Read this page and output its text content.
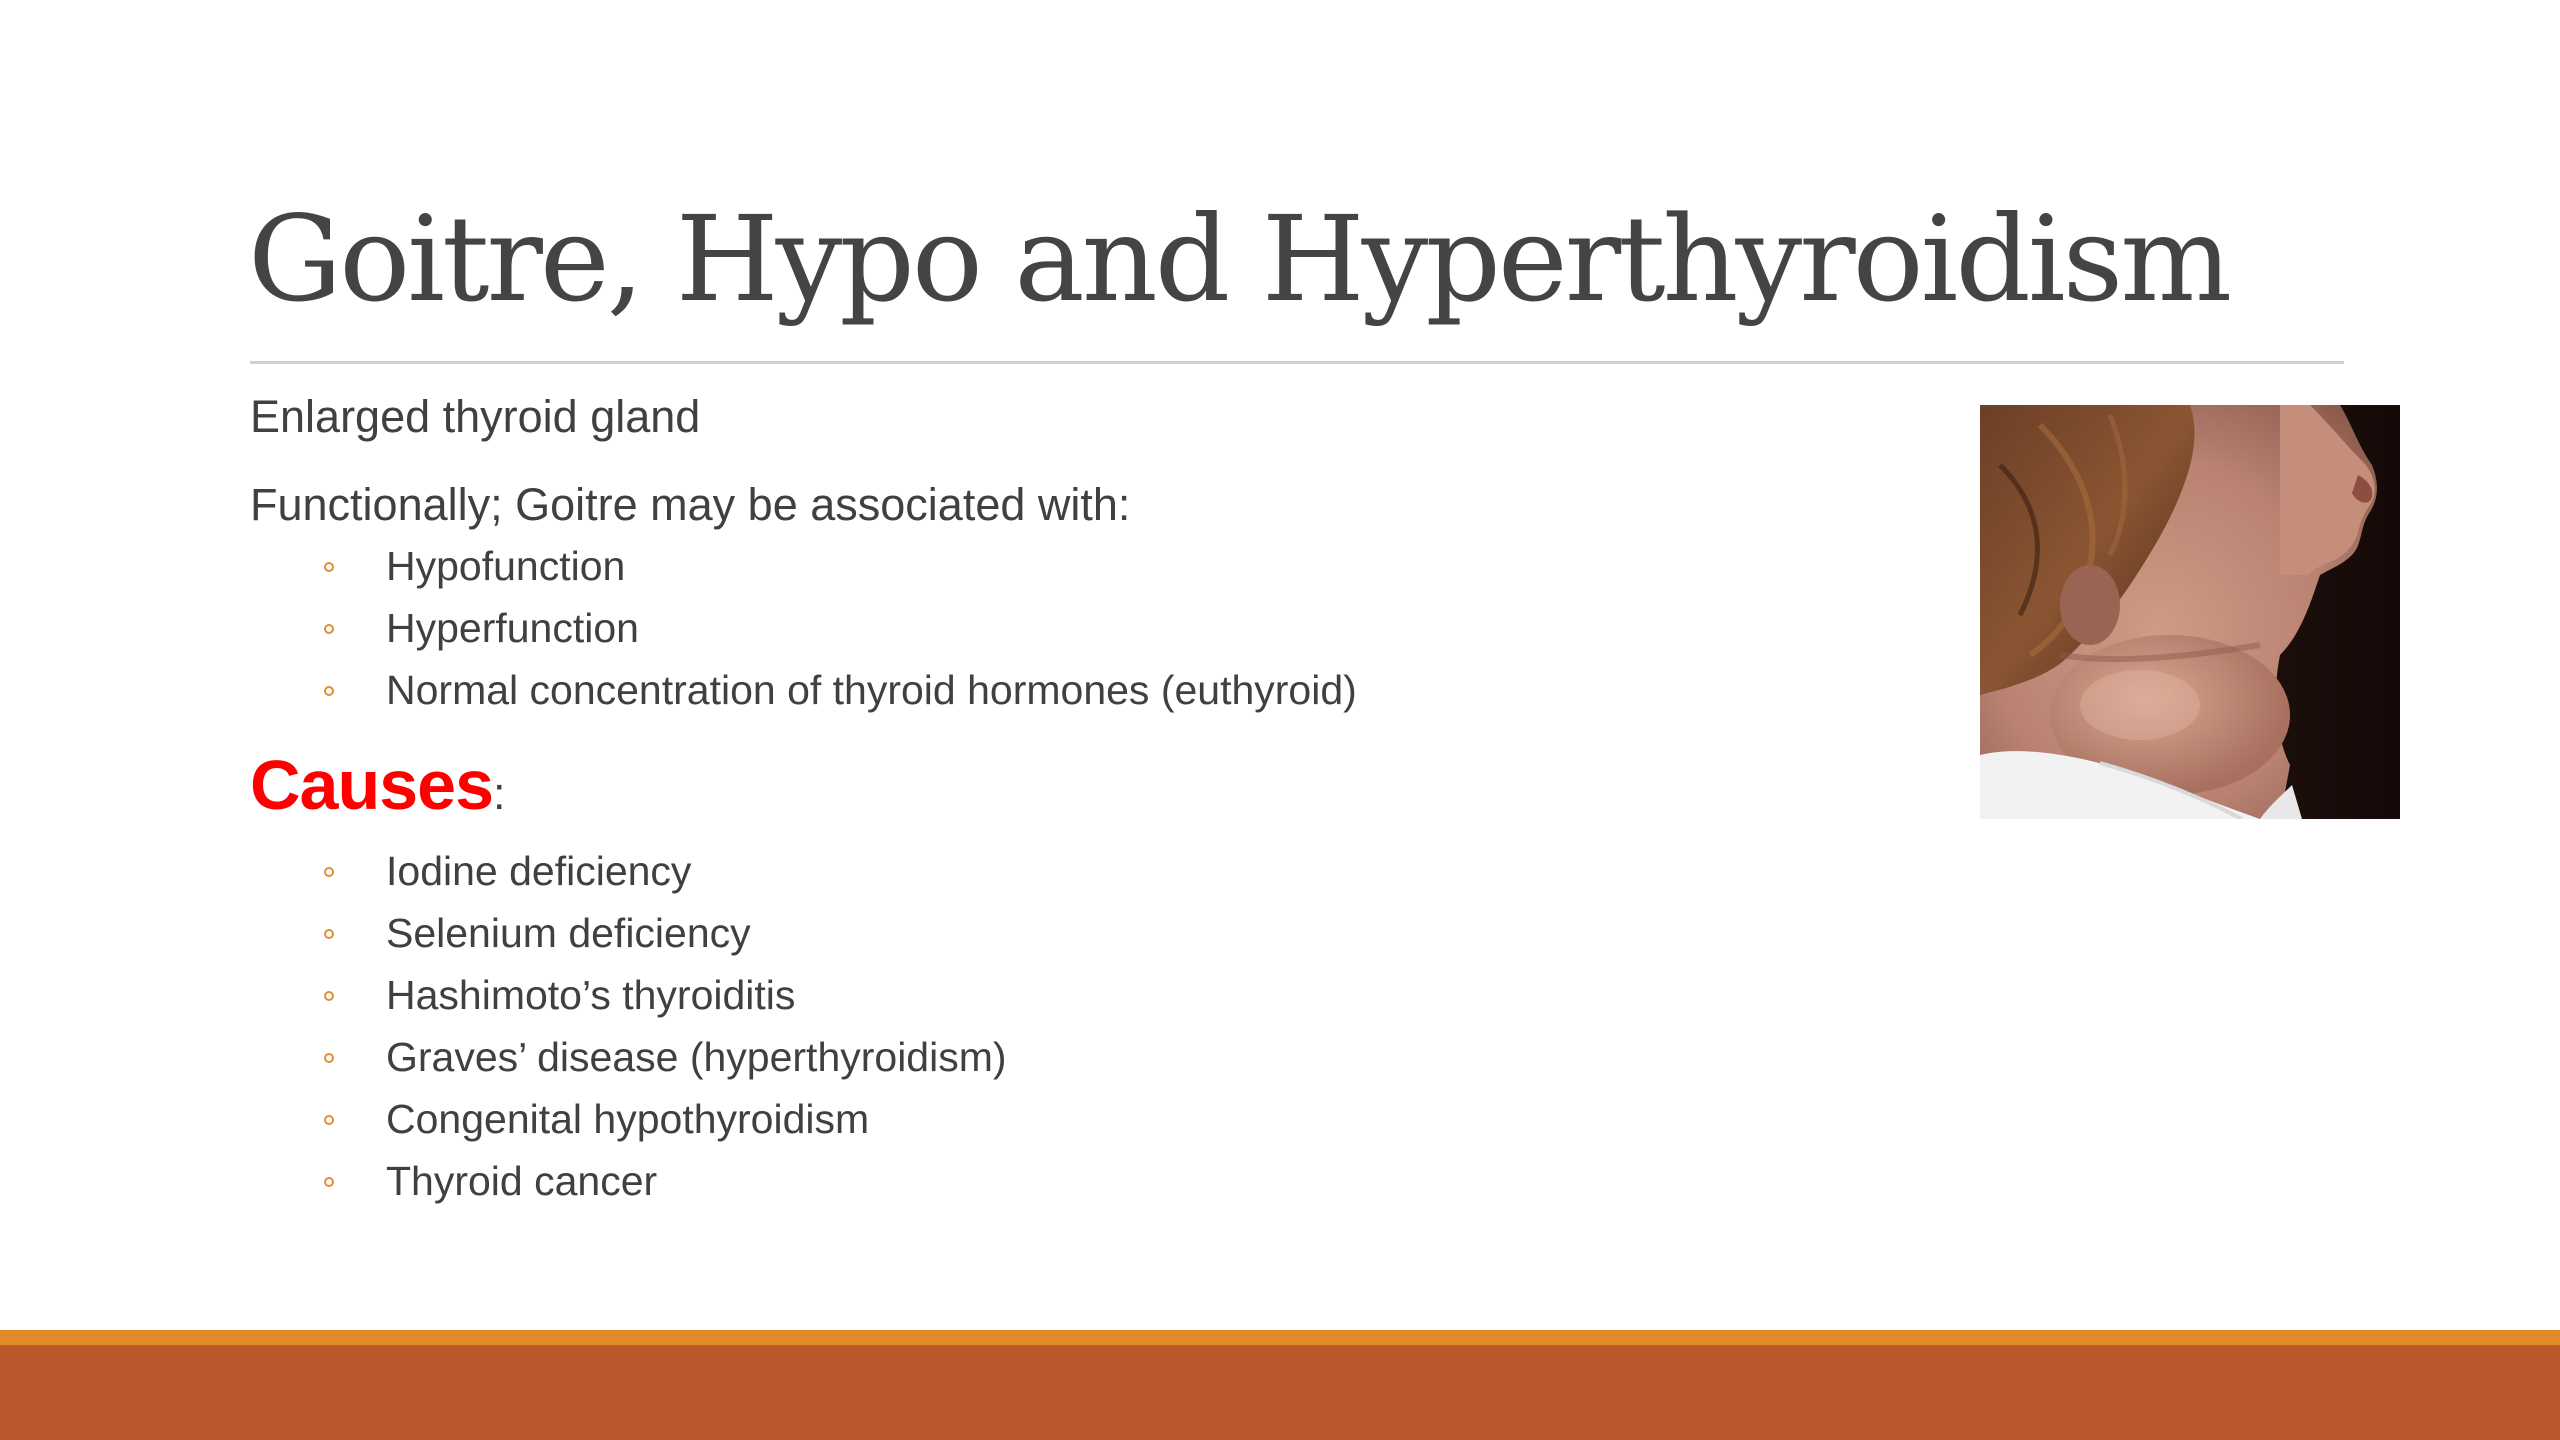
Goitre, Hypo and Hyperthyroidism
Enlarged thyroid gland
Functionally; Goitre may be associated with:
Hypofunction
Hyperfunction
Normal concentration of thyroid hormones (euthyroid)
Causes:
Iodine deficiency
Selenium deficiency
Hashimoto’s thyroiditis
Graves’ disease (hyperthyroidism)
Congenital hypothyroidism
Thyroid cancer
